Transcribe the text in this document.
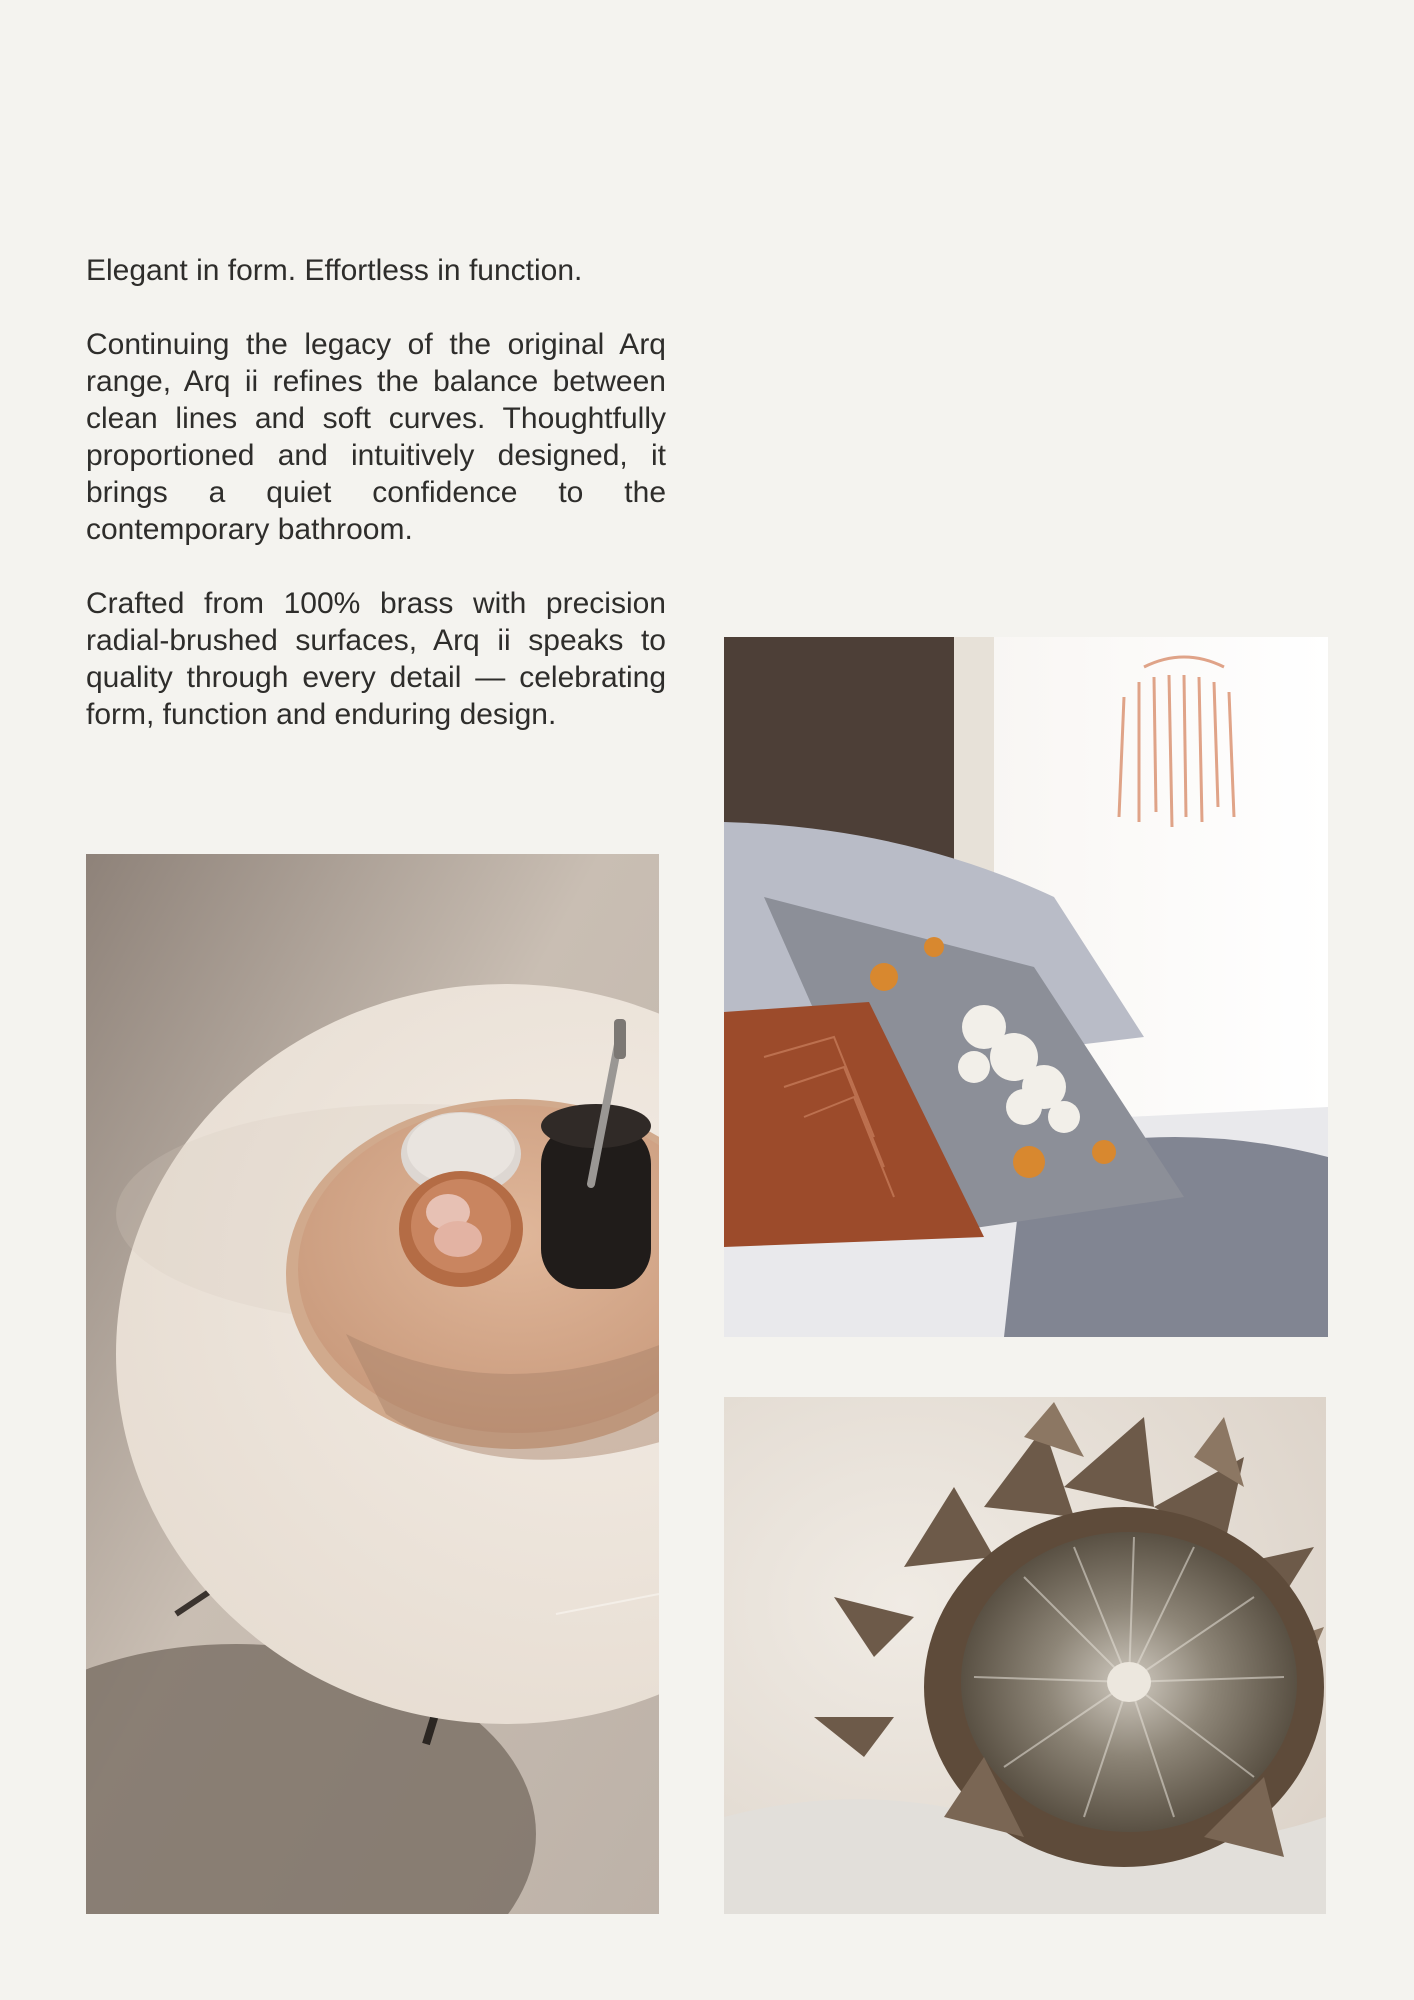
Elegant in form. Effortless in function.

Continuing the legacy of the original Arq range, Arq ii refines the balance between clean lines and soft curves. Thoughtfully proportioned and intuitively designed, it brings a quiet confidence to the contemporary bathroom.

Crafted from 100% brass with precision radial-brushed surfaces, Arq ii speaks to quality through every detail — celebrating form, function and enduring design.
